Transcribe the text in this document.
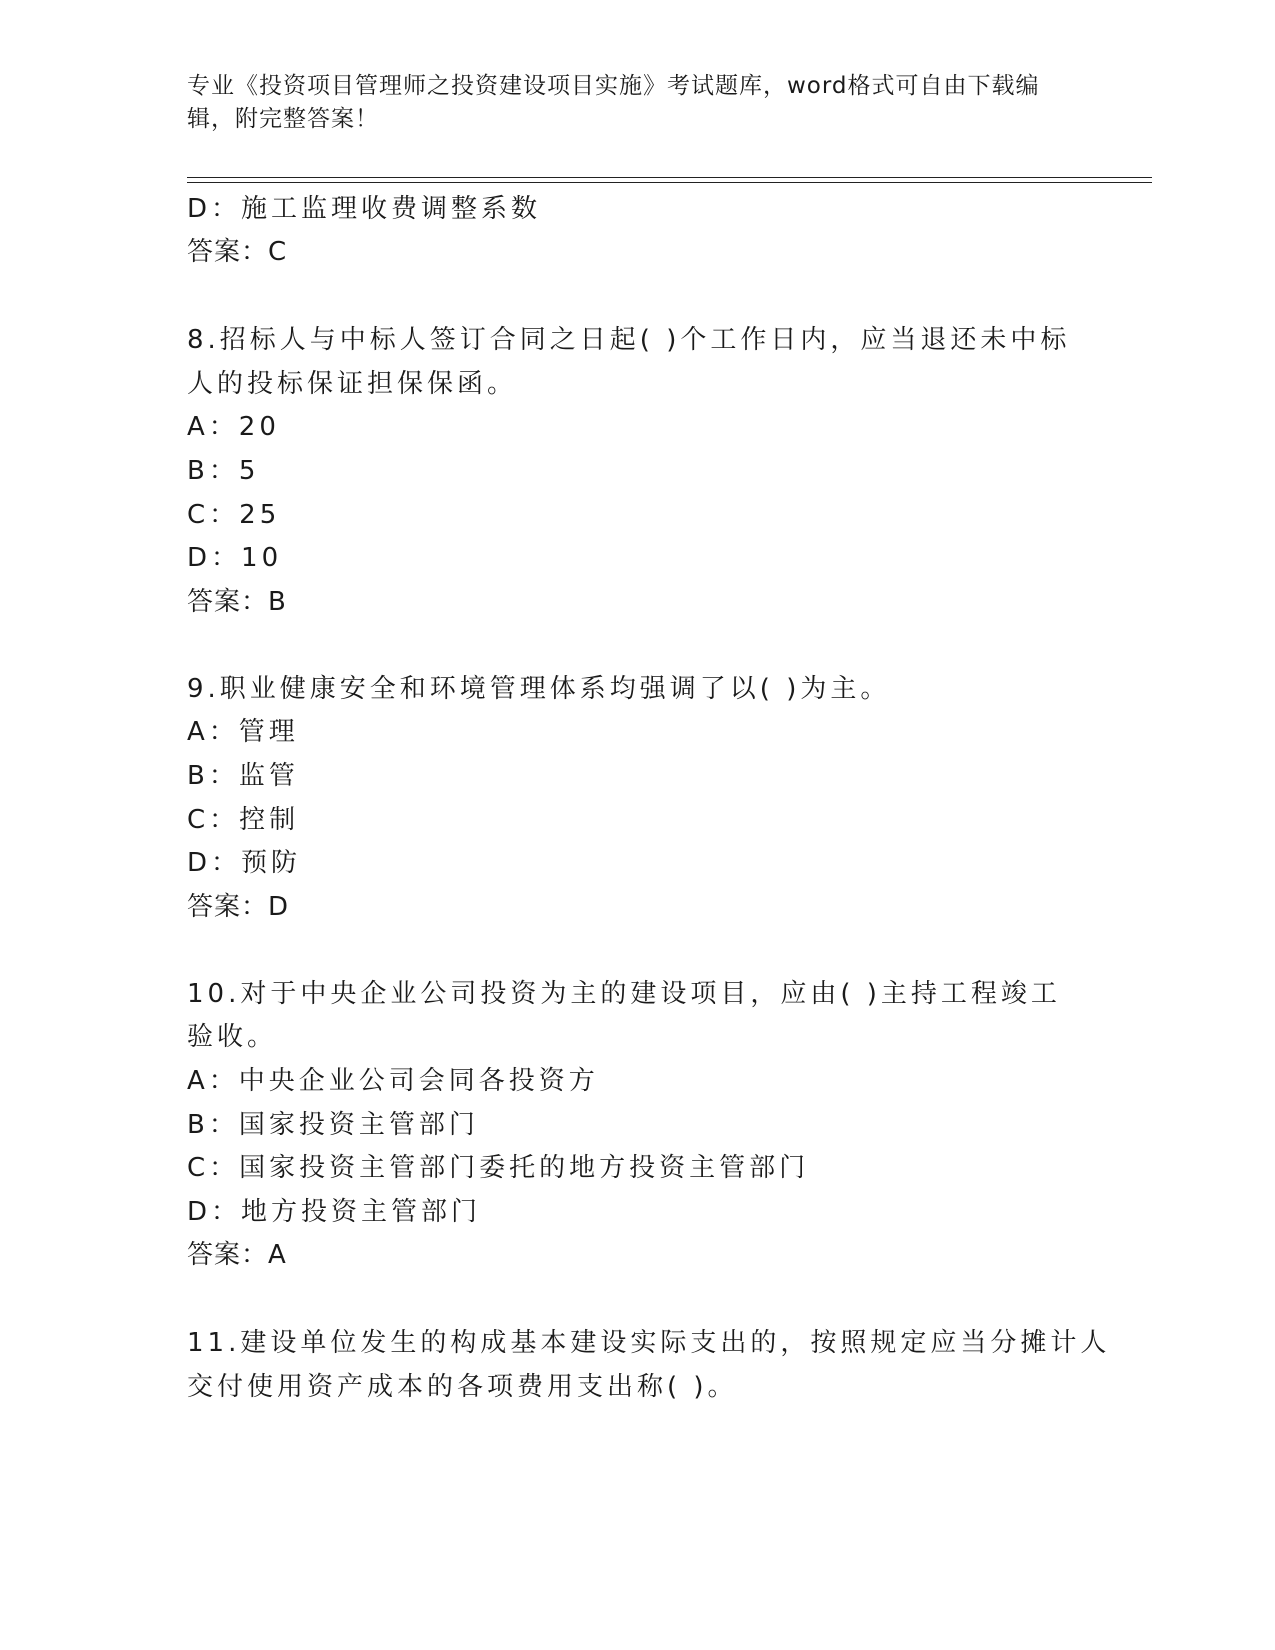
专业《投资项目管理师之投资建设项目实施》考试题库，word格式可自由下载编
辑，附完整答案！
D：施工监理收费调整系数
答案：C
8.招标人与中标人签订合同之日起( )个工作日内，应当退还未中标
人的投标保证担保保函。
A：20
B：5
C：25
D：10
答案：B
9.职业健康安全和环境管理体系均强调了以( )为主。
A：管理
B：监管
C：控制
D：预防
答案：D
10.对于中央企业公司投资为主的建设项目，应由( )主持工程竣工
验收。
A：中央企业公司会同各投资方
B：国家投资主管部门
C：国家投资主管部门委托的地方投资主管部门
D：地方投资主管部门
答案：A
11.建设单位发生的构成基本建设实际支出的，按照规定应当分摊计人
交付使用资产成本的各项费用支出称( )。
